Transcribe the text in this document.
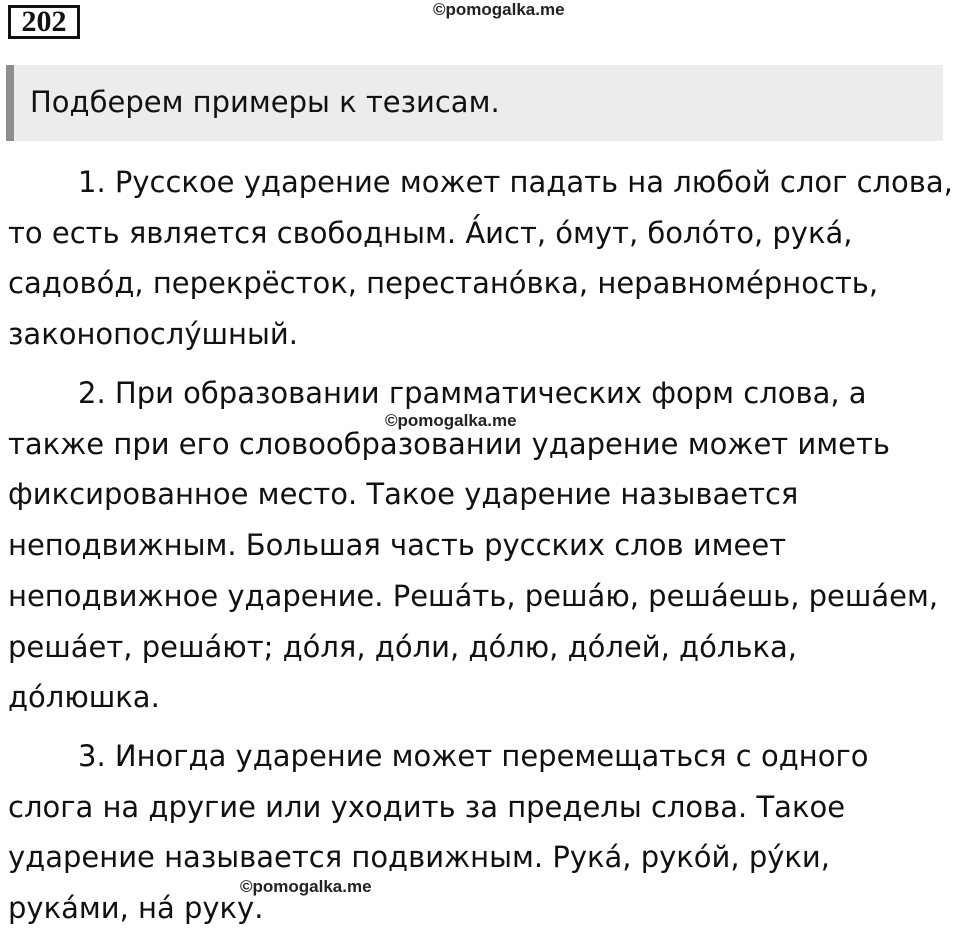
202	©pomogalka.me
Подберем примеры к тезисам.

1. Русское ударение может падать на любой слог слова, то есть является свободным. А́ист, о́мут, боло́то, рука́, садово́д, перекрёсток, перестано́вка, неравноме́рность, законопослу́шный.

2. При образовании грамматических форм слова, а также при его словообразовании ударение может иметь фиксированное место. Такое ударение называется неподвижным. Большая часть русских слов имеет неподвижное ударение. Реша́ть, реша́ю, реша́ешь, реша́ем, реша́ет, реша́ют; до́ля, до́ли, до́лю, до́лей, до́лька, до́люшка.

3. Иногда ударение может перемещаться с одного слога на другие или уходить за пределы слова. Такое ударение называется подвижным. Рука́, руко́й, ру́ки, рука́ми, на́ руку.

©pomogalka.me
©pomogalka.me
